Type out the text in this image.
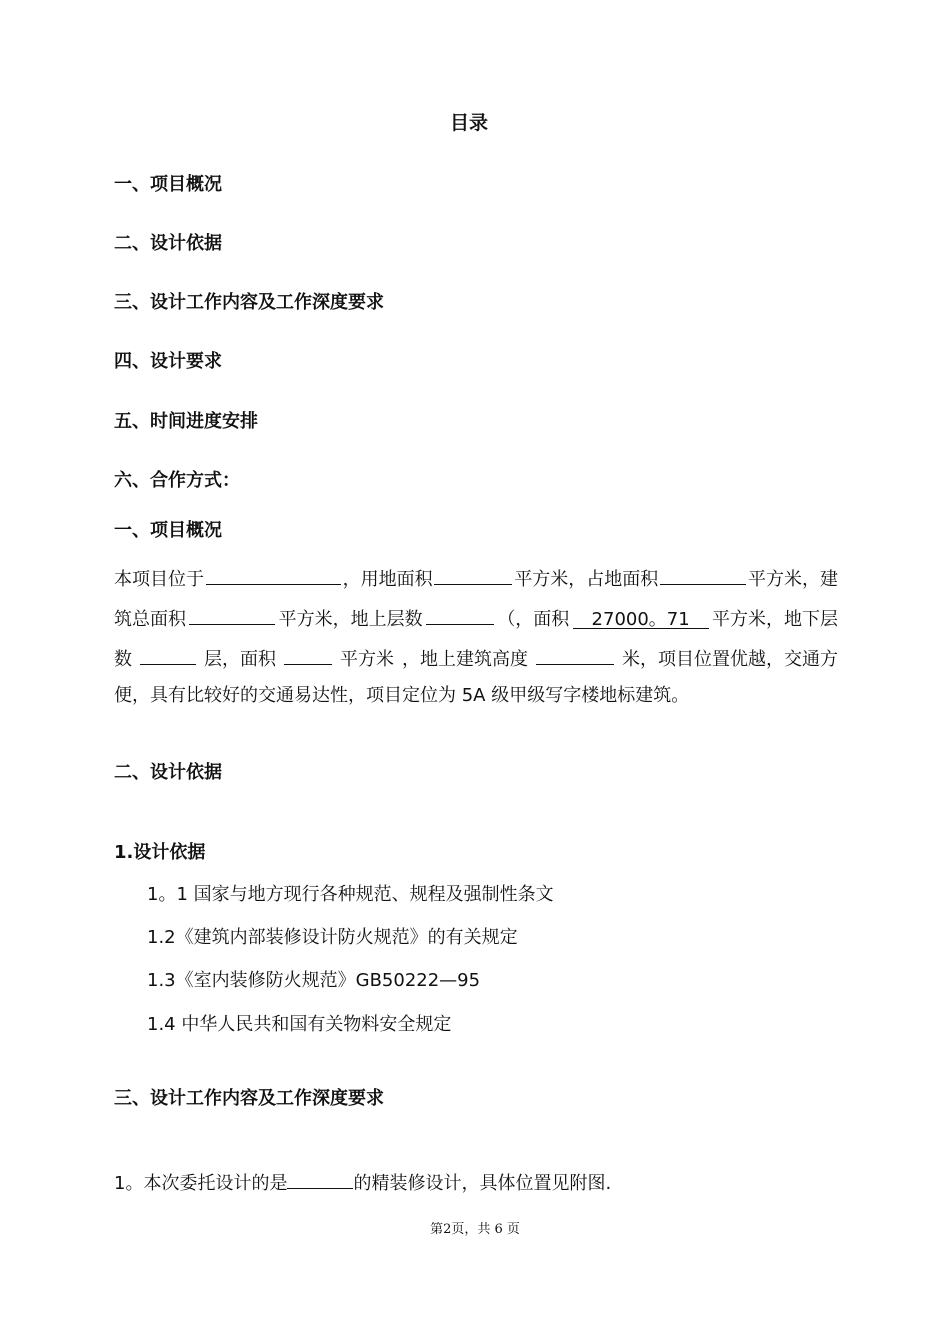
目录
一、项目概况
二、设计依据
三、设计工作内容及工作深度要求
四、设计要求
五、时间进度安排
六、合作方式：
一、项目概况
本项目位于	，用地面积	平方米，占地面积	平方米，建
筑总面积	平方米，地上层数	（，面积	27000。71	平方米，地下层
数	层，面积	平方米 ，地上建筑高度	米，项目位置优越，交通方
便，具有比较好的交通易达性，项目定位为 5A 级甲级写字楼地标建筑。
二、设计依据
1.设计依据
1。1 国家与地方现行各种规范、规程及强制性条文
1.2《建筑内部装修设计防火规范》的有关规定
1.3《室内装修防火规范》GB50222—95
1.4 中华人民共和国有关物料安全规定
三、设计工作内容及工作深度要求
1。本次委托设计的是	的精装修设计，具体位置见附图.
第2页，共 6 页
